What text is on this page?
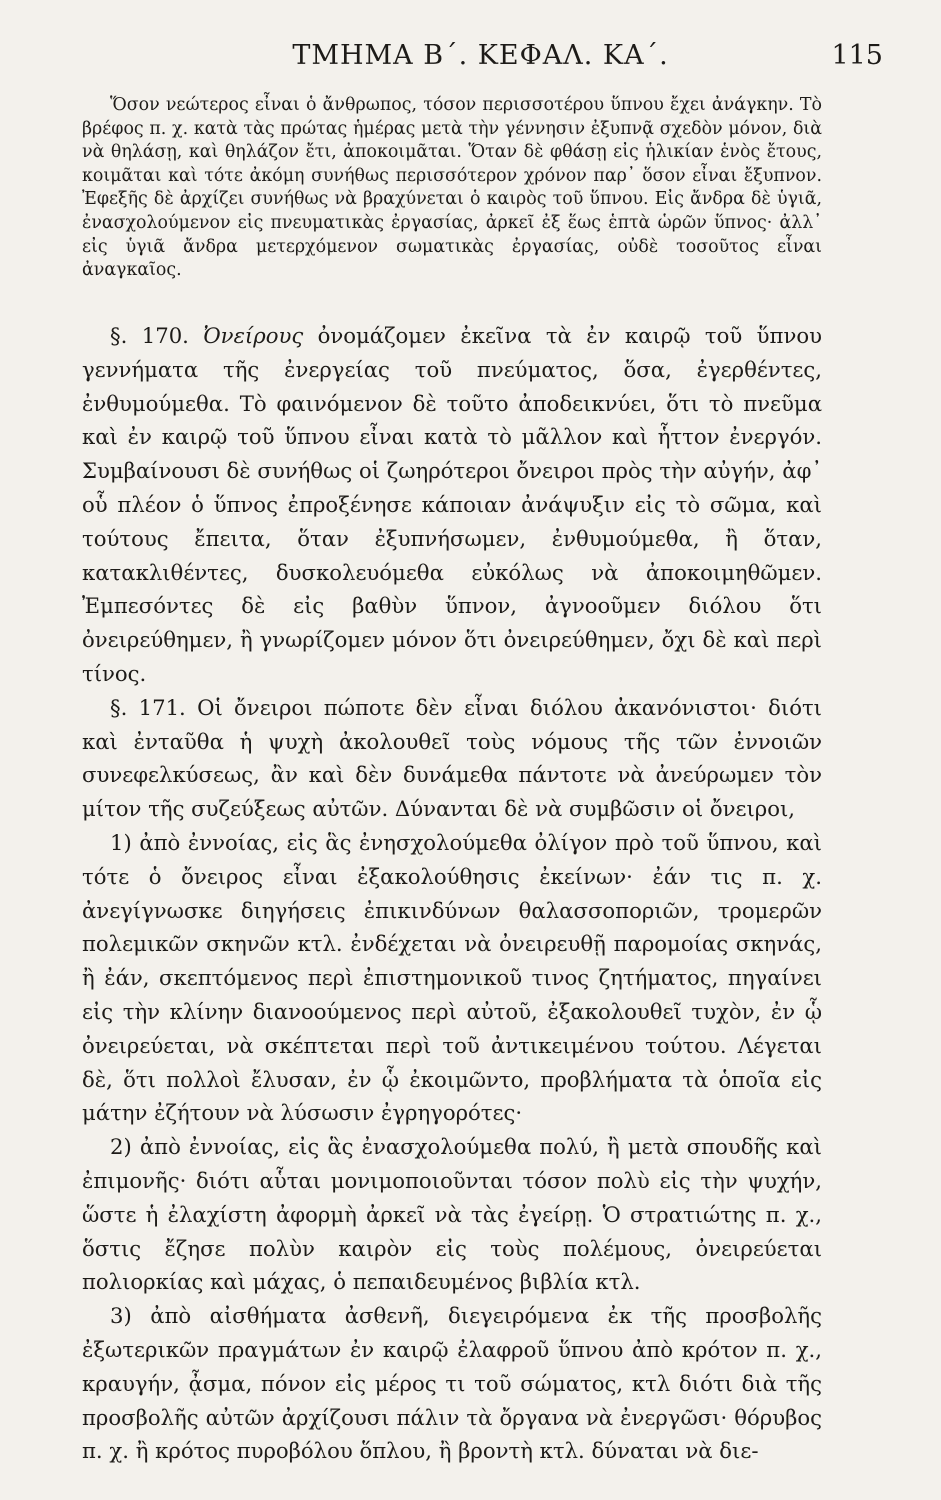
ΤΜΗΜΑ Β΄. ΚΕΦΑΛ. ΚΑ΄.	115

Ὅσον νεώτερος εἶναι ὁ ἄνθρωπος, τόσον περισσοτέρου ὕπνου ἔχει ἀνάγκην. Τὸ βρέφος π. χ. κατὰ τὰς πρώτας ἡμέρας μετὰ τὴν γέννησιν ἐξυπνᾷ σχεδὸν μόνον, διὰ νὰ θηλάσῃ, καὶ θηλάζον ἔτι, ἀποκοιμᾶται. Ὅταν δὲ φθάσῃ εἰς ἡλικίαν ἑνὸς ἔτους, κοιμᾶται καὶ τότε ἀκόμη συνήθως περισσότερον χρόνον παρ᾽ ὅσον εἶναι ἔξυπνον. Ἐφεξῆς δὲ ἀρχίζει συνήθως νὰ βραχύνεται ὁ καιρὸς τοῦ ὕπνου. Εἰς ἄνδρα δὲ ὑγιᾶ, ἐνασχολούμενον εἰς πνευματικὰς ἐργασίας, ἀρκεῖ ἐξ ἕως ἑπτὰ ὡρῶν ὕπνος· ἀλλ᾽ εἰς ὑγιᾶ ἄνδρα μετερχόμενον σωματικὰς ἐργασίας, οὐδὲ τοσοῦτος εἶναι ἀναγκαῖος.

§. 170. Ὀνείρους ὀνομάζομεν ἐκεῖνα τὰ ἐν καιρῷ τοῦ ὕπνου γεννήματα τῆς ἐνεργείας τοῦ πνεύματος, ὅσα, ἐγερθέντες, ἐνθυμούμεθα. Τὸ φαινόμενον δὲ τοῦτο ἀποδεικνύει, ὅτι τὸ πνεῦμα καὶ ἐν καιρῷ τοῦ ὕπνου εἶναι κατὰ τὸ μᾶλλον καὶ ἧττον ἐνεργόν. Συμβαίνουσι δὲ συνήθως οἱ ζωηρότεροι ὄνειροι πρὸς τὴν αὐγήν, ἀφ᾽ οὗ πλέον ὁ ὕπνος ἐπροξένησε κάποιαν ἀνάψυξιν εἰς τὸ σῶμα, καὶ τούτους ἔπειτα, ὅταν ἐξυπνήσωμεν, ἐνθυμούμεθα, ἢ ὅταν, κατακλιθέντες, δυσκολευόμεθα εὐκόλως νὰ ἀποκοιμηθῶμεν. Ἐμπεσόντες δὲ εἰς βαθὺν ὕπνον, ἀγνοοῦμεν διόλου ὅτι ὀνειρεύθημεν, ἢ γνωρίζομεν μόνον ὅτι ὀνειρεύθημεν, ὄχι δὲ καὶ περὶ τίνος.

§. 171. Οἱ ὄνειροι πώποτε δὲν εἶναι διόλου ἀκανόνιστοι· διότι καὶ ἐνταῦθα ἡ ψυχὴ ἀκολουθεῖ τοὺς νόμους τῆς τῶν ἐννοιῶν συνεφελκύσεως, ἂν καὶ δὲν δυνάμεθα πάντοτε νὰ ἀνεύρωμεν τὸν μίτον τῆς συζεύξεως αὐτῶν. Δύνανται δὲ νὰ συμβῶσιν οἱ ὄνειροι,

1) ἀπὸ ἐννοίας, εἰς ἃς ἐνησχολούμεθα ὀλίγον πρὸ τοῦ ὕπνου, καὶ τότε ὁ ὄνειρος εἶναι ἐξακολούθησις ἐκείνων· ἐάν τις π. χ. ἀνεγίγνωσκε διηγήσεις ἐπικινδύνων θαλασσοποριῶν, τρομερῶν πολεμικῶν σκηνῶν κτλ. ἐνδέχεται νὰ ὀνειρευθῇ παρομοίας σκηνάς, ἢ ἐάν, σκεπτόμενος περὶ ἐπιστημονικοῦ τινος ζητήματος, πηγαίνει εἰς τὴν κλίνην διανοούμενος περὶ αὐτοῦ, ἐξακολουθεῖ τυχὸν, ἐν ᾧ ὀνειρεύεται, νὰ σκέπτεται περὶ τοῦ ἀντικειμένου τούτου. Λέγεται δὲ, ὅτι πολλοὶ ἔλυσαν, ἐν ᾧ ἐκοιμῶντο, προβλήματα τὰ ὁποῖα εἰς μάτην ἐζήτουν νὰ λύσωσιν ἐγρηγορότες·

2) ἀπὸ ἐννοίας, εἰς ἃς ἐνασχολούμεθα πολύ, ἢ μετὰ σπουδῆς καὶ ἐπιμονῆς· διότι αὗται μονιμοποιοῦνται τόσον πολὺ εἰς τὴν ψυχήν, ὥστε ἡ ἐλαχίστη ἀφορμὴ ἀρκεῖ νὰ τὰς ἐγείρῃ. Ὁ στρατιώτης π. χ., ὅστις ἔζησε πολὺν καιρὸν εἰς τοὺς πολέμους, ὀνειρεύεται πολιορκίας καὶ μάχας, ὁ πεπαιδευμένος βιβλία κτλ.

3) ἀπὸ αἰσθήματα ἀσθενῆ, διεγειρόμενα ἐκ τῆς προσβολῆς ἐξωτερικῶν πραγμάτων ἐν καιρῷ ἐλαφροῦ ὕπνου ἀπὸ κρότον π. χ., κραυγήν, ᾆσμα, πόνον εἰς μέρος τι τοῦ σώματος, κτλ διότι διὰ τῆς προσβολῆς αὐτῶν ἀρχίζουσι πάλιν τὰ ὄργανα νὰ ἐνεργῶσι· θόρυβος π. χ. ἢ κρότος πυροβόλου ὅπλου, ἢ βροντὴ κτλ. δύναται νὰ διε-
